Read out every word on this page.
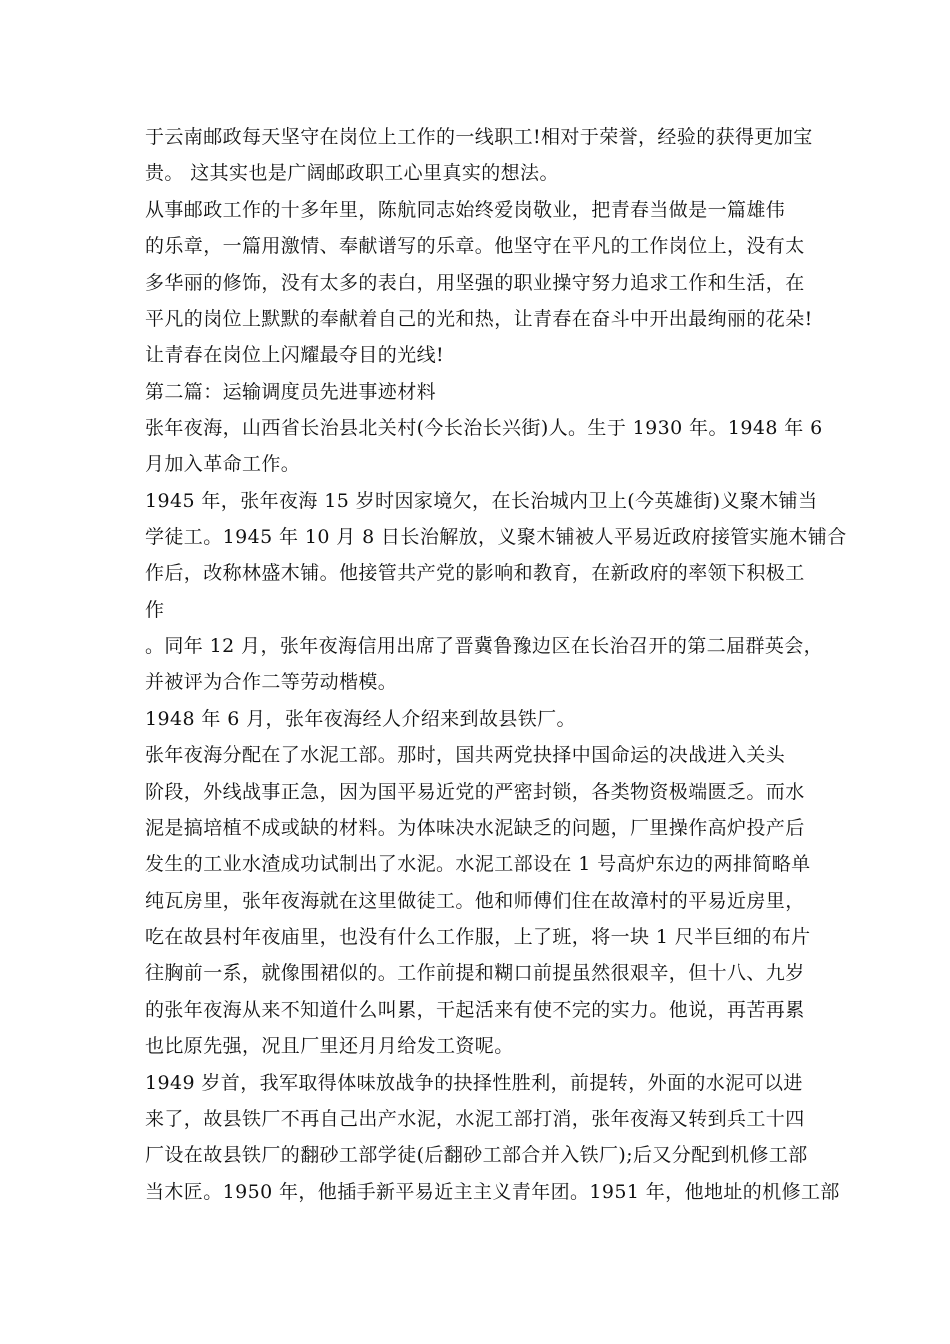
于云南邮政每天坚守在岗位上工作的一线职工!相对于荣誉，经验的获得更加宝
贵。 这其实也是广阔邮政职工心里真实的想法。
从事邮政工作的十多年里，陈航同志始终爱岗敬业，把青春当做是一篇雄伟
的乐章，一篇用激情、奉献谱写的乐章。他坚守在平凡的工作岗位上，没有太
多华丽的修饰，没有太多的表白，用坚强的职业操守努力追求工作和生活，在
平凡的岗位上默默的奉献着自己的光和热，让青春在奋斗中开出最绚丽的花朵!
让青春在岗位上闪耀最夺目的光线!
第二篇：运输调度员先进事迹材料
张年夜海，山西省长治县北关村(今长治长兴街)人。生于 1930 年。1948 年 6
月加入革命工作。
1945 年，张年夜海 15 岁时因家境欠，在长治城内卫上(今英雄街)义聚木铺当
学徒工。1945 年 10 月 8 日长治解放，义聚木铺被人平易近政府接管实施木铺合
作后，改称林盛木铺。他接管共产党的影响和教育，在新政府的率领下积极工
作
。同年 12 月，张年夜海信用出席了晋冀鲁豫边区在长治召开的第二届群英会，
并被评为合作二等劳动楷模。
1948 年 6 月，张年夜海经人介绍来到故县铁厂。
张年夜海分配在了水泥工部。那时，国共两党抉择中国命运的决战进入关头
阶段，外线战事正急，因为国平易近党的严密封锁，各类物资极端匮乏。而水
泥是搞培植不成或缺的材料。为体味决水泥缺乏的问题，厂里操作高炉投产后
发生的工业水渣成功试制出了水泥。水泥工部设在 1 号高炉东边的两排简略单
纯瓦房里，张年夜海就在这里做徒工。他和师傅们住在故漳村的平易近房里，
吃在故县村年夜庙里，也没有什么工作服，上了班，将一块 1 尺半巨细的布片
往胸前一系，就像围裙似的。工作前提和糊口前提虽然很艰辛，但十八、九岁
的张年夜海从来不知道什么叫累，干起活来有使不完的实力。他说，再苦再累
也比原先强，况且厂里还月月给发工资呢。
1949 岁首，我军取得体味放战争的抉择性胜利，前提转，外面的水泥可以进
来了，故县铁厂不再自己出产水泥，水泥工部打消，张年夜海又转到兵工十四
厂设在故县铁厂的翻砂工部学徒(后翻砂工部合并入铁厂);后又分配到机修工部
当木匠。1950 年，他插手新平易近主主义青年团。1951 年，他地址的机修工部
